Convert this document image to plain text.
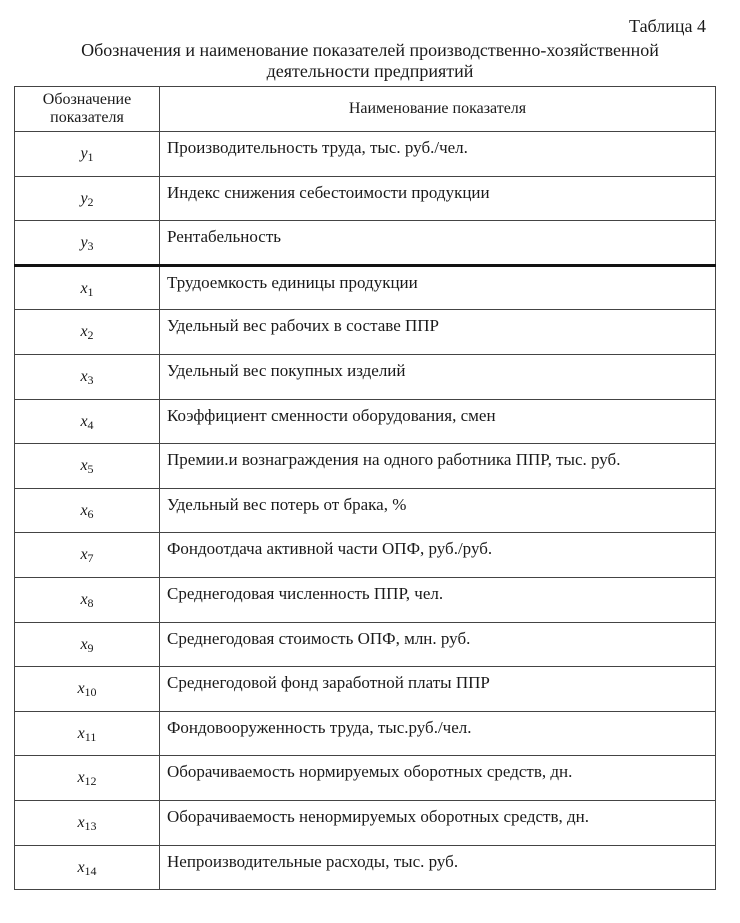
Таблица 4
Обозначения и наименование показателей производственно-хозяйственной
деятельности предприятий
Обозначение показателя	Наименование показателя
$y_1$	Производительность труда, тыс. руб./чел.
$y_2$	Индекс снижения себестоимости продукции
$y_3$	Рентабельность
$x_1$	Трудоемкость единицы продукции
$x_2$	Удельный вес рабочих в составе ППР
$x_3$	Удельный вес покупных изделий
$x_4$	Коэффициент сменности оборудования, смен
$x_5$	Премии.и вознаграждения на одного работника ППР, тыс. руб.
$x_6$	Удельный вес потерь от брака, %
$x_7$	Фондоотдача активной части ОПФ, руб./руб.
$x_8$	Среднегодовая численность ППР, чел.
$x_9$	Среднегодовая стоимость ОПФ, млн. руб.
$x_{10}$	Среднегодовой фонд заработной платы ППР
$x_{11}$	Фондовооруженность труда, тыс.руб./чел.
$x_{12}$	Оборачиваемость нормируемых оборотных средств, дн.
$x_{13}$	Оборачиваемость ненормируемых оборотных средств, дн.
$x_{14}$	Непроизводительные расходы, тыс. руб.
